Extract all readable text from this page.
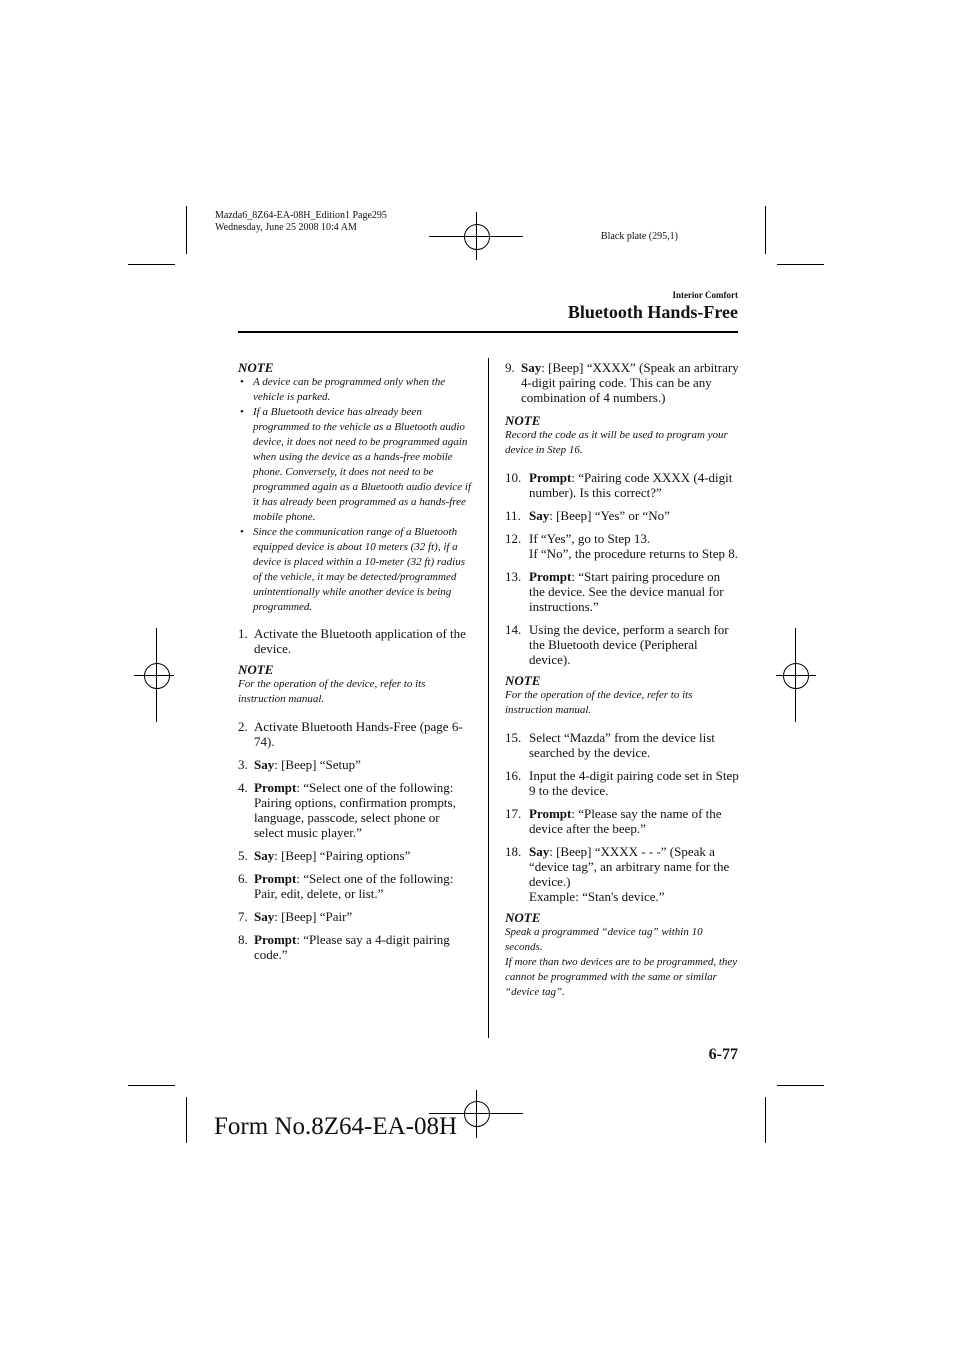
Mazda6_8Z64-EA-08H_Edition1 Page295
Wednesday, June 25 2008 10:4 AM
Black plate (295,1)
Interior Comfort
Bluetooth Hands-Free
NOTE
• A device can be programmed only when the vehicle is parked.
• If a Bluetooth device has already been programmed to the vehicle as a Bluetooth audio device, it does not need to be programmed again when using the device as a hands-free mobile phone. Conversely, it does not need to be programmed again as a Bluetooth audio device if it has already been programmed as a hands-free mobile phone.
• Since the communication range of a Bluetooth equipped device is about 10 meters (32 ft), if a device is placed within a 10-meter (32 ft) radius of the vehicle, it may be detected/programmed unintentionally while another device is being programmed.
1. Activate the Bluetooth application of the device.
NOTE
For the operation of the device, refer to its instruction manual.
2. Activate Bluetooth Hands-Free (page 6-74).
3. Say: [Beep] “Setup”
4. Prompt: “Select one of the following: Pairing options, confirmation prompts, language, passcode, select phone or select music player.”
5. Say: [Beep] “Pairing options”
6. Prompt: “Select one of the following: Pair, edit, delete, or list.”
7. Say: [Beep] “Pair”
8. Prompt: “Please say a 4-digit pairing code.”
9. Say: [Beep] “XXXX” (Speak an arbitrary 4-digit pairing code. This can be any combination of 4 numbers.)
NOTE
Record the code as it will be used to program your device in Step 16.
10. Prompt: “Pairing code XXXX (4-digit number). Is this correct?”
11. Say: [Beep] “Yes” or “No”
12. If “Yes”, go to Step 13.
If “No”, the procedure returns to Step 8.
13. Prompt: “Start pairing procedure on the device. See the device manual for instructions.”
14. Using the device, perform a search for the Bluetooth device (Peripheral device).
NOTE
For the operation of the device, refer to its instruction manual.
15. Select “Mazda” from the device list searched by the device.
16. Input the 4-digit pairing code set in Step 9 to the device.
17. Prompt: “Please say the name of the device after the beep.”
18. Say: [Beep] “XXXX - - -” (Speak a “device tag”, an arbitrary name for the device.)
Example: “Stan's device.”
NOTE
Speak a programmed “device tag” within 10 seconds.
If more than two devices are to be programmed, they cannot be programmed with the same or similar “device tag”.
6-77
Form No.8Z64-EA-08H
